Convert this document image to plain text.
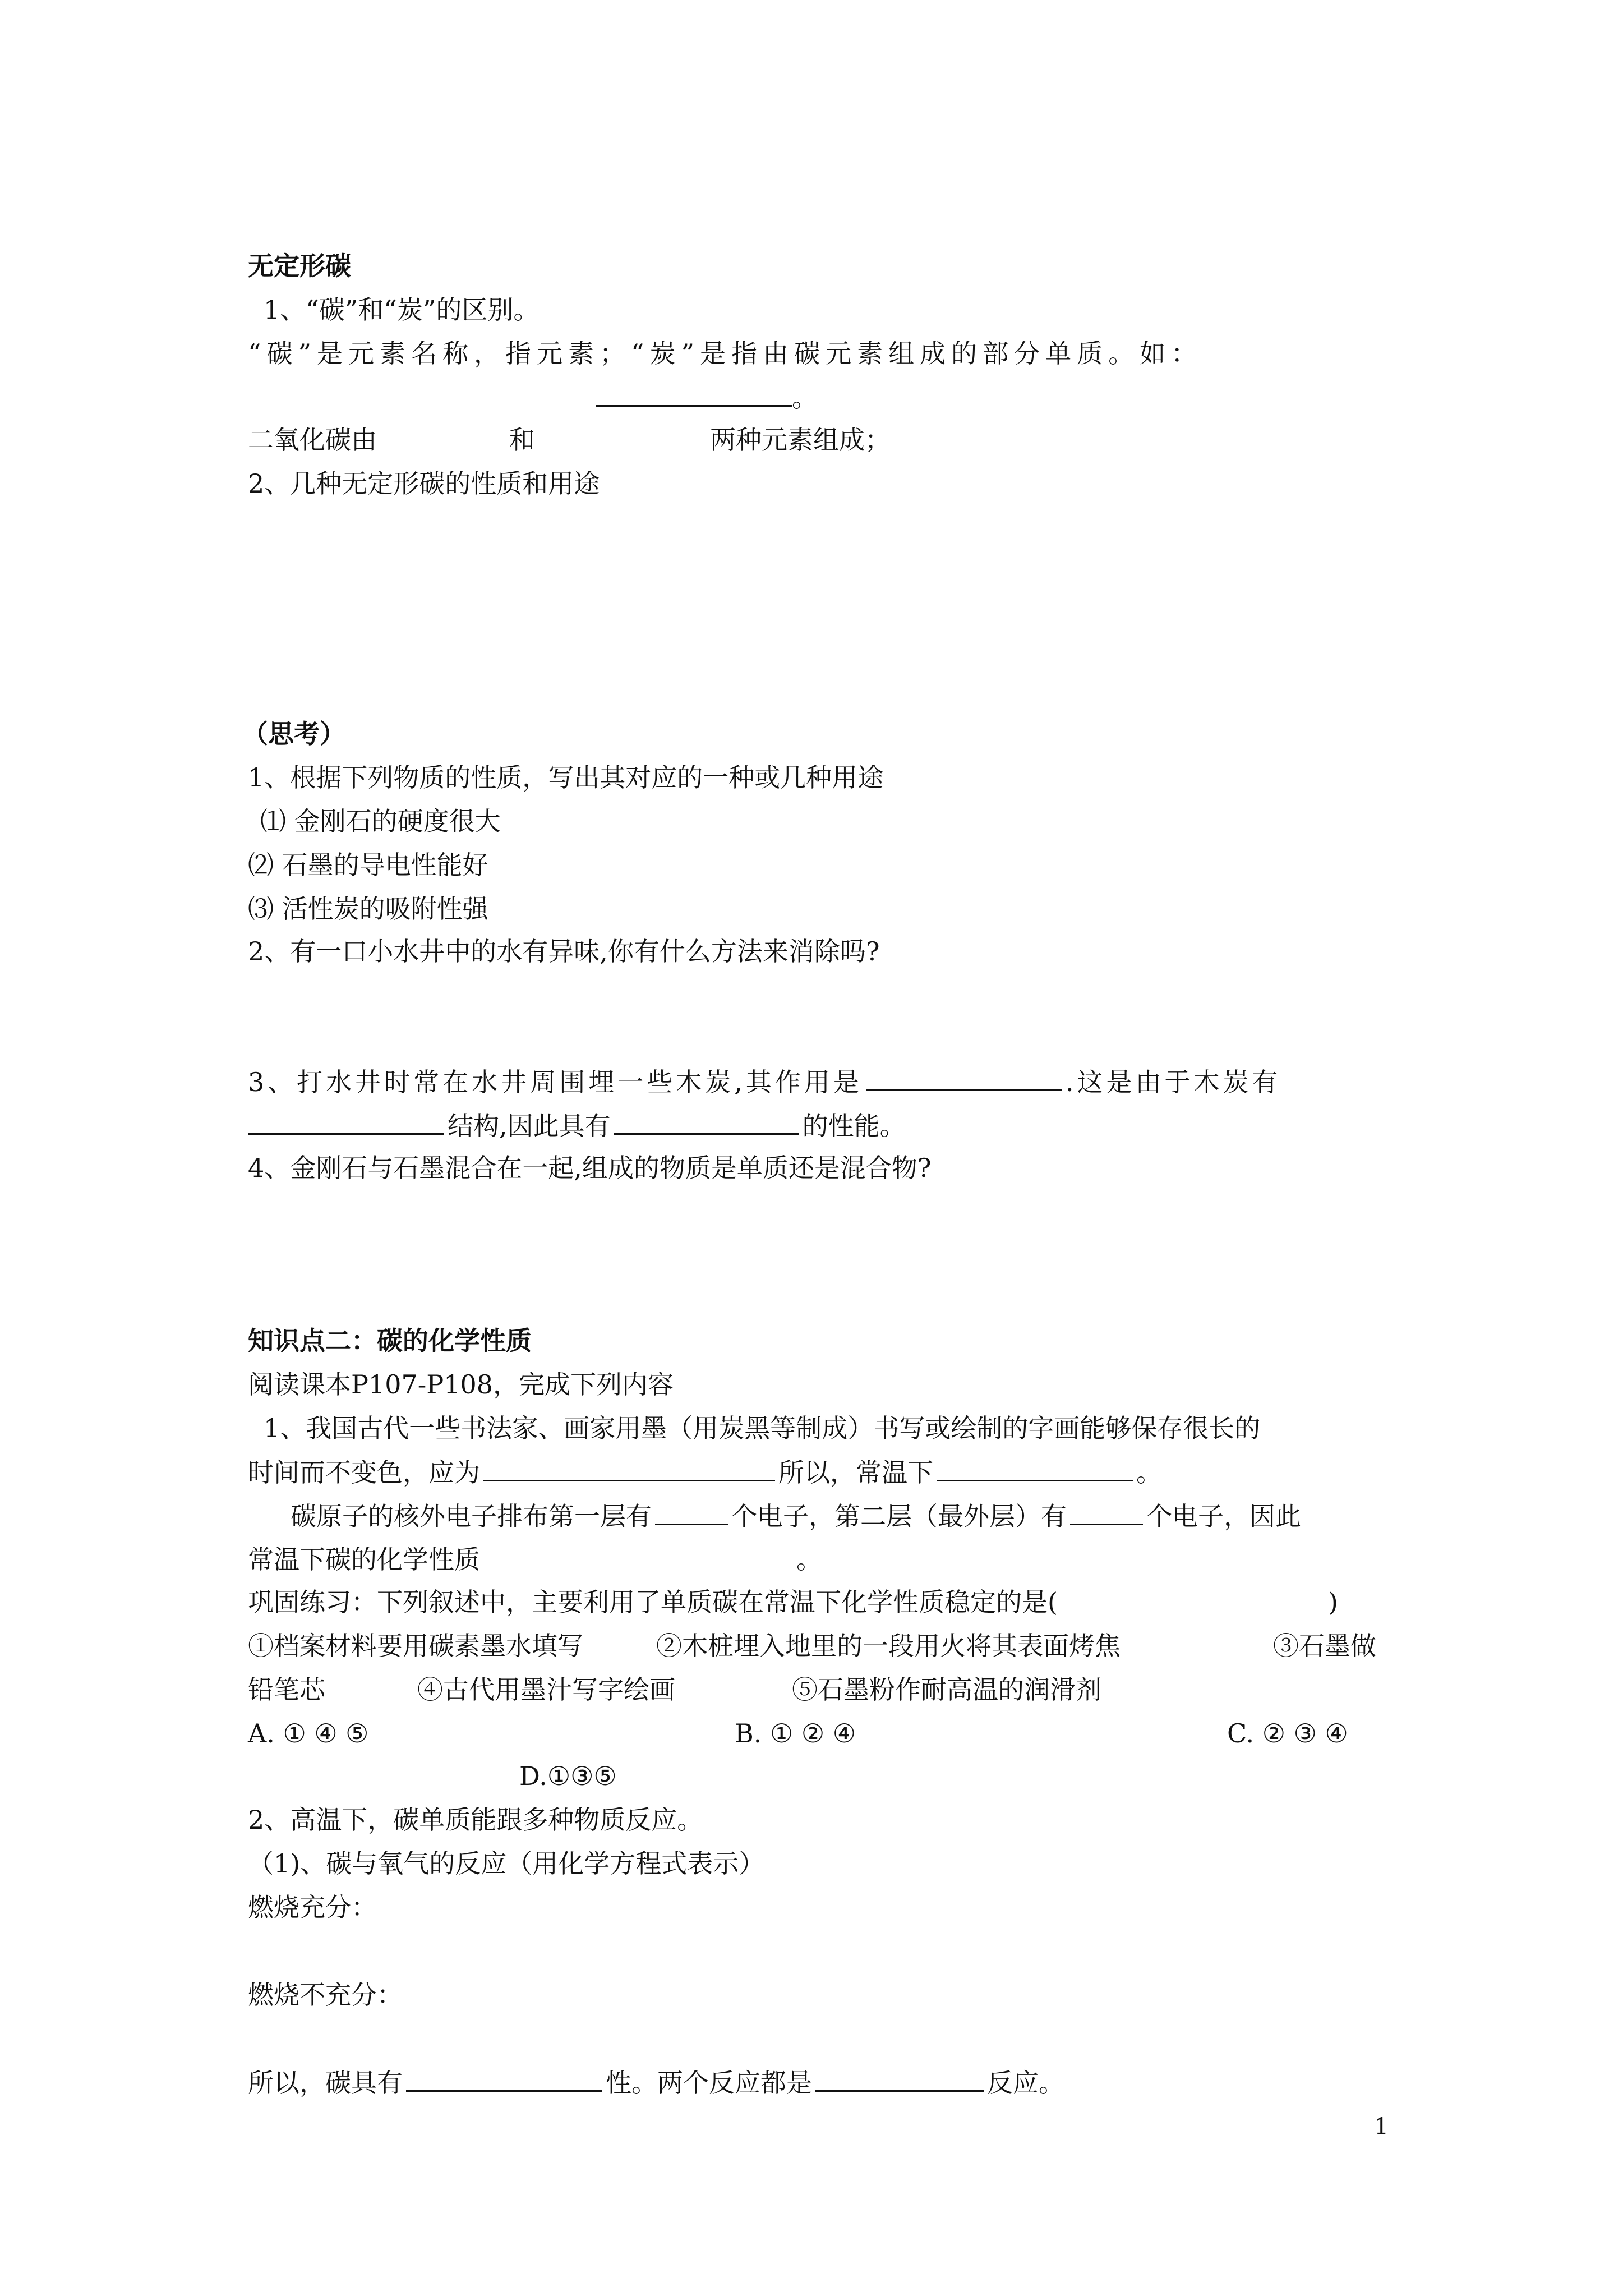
无定形碳
1、“碳”和“炭”的区别。
“碳”是元素名称，指元素；“炭”是指由碳元素组成的部分单质。如：
。
二氧化碳由	和	两种元素组成；
2、几种无定形碳的性质和用途
（思考）
1、根据下列物质的性质，写出其对应的一种或几种用途
⑴ 金刚石的硬度很大
⑵ 石墨的导电性能好
⑶ 活性炭的吸附性强
2、有一口小水井中的水有异味,你有什么方法来消除吗?
3、打水井时常在水井周围埋一些木炭,其作用是	.这是由于木炭有
结构,因此具有	的性能。
4、金刚石与石墨混合在一起,组成的物质是单质还是混合物?
知识点二：碳的化学性质
阅读课本P107-P108，完成下列内容
1、我国古代一些书法家、画家用墨（用炭黑等制成）书写或绘制的字画能够保存很长的
时间而不变色，应为	所以，常温下	。
碳原子的核外电子排布第一层有	个电子，第二层（最外层）有	个电子，因此
常温下碳的化学性质	。
巩固练习：下列叙述中，主要利用了单质碳在常温下化学性质稳定的是(	)
①档案材料要用碳素墨水填写	②木桩埋入地里的一段用火将其表面烤焦	③石墨做
铅笔芯	④古代用墨汁写字绘画	⑤石墨粉作耐高温的润滑剂
A. ① ④ ⑤	B. ① ② ④	C. ② ③ ④
D.①③⑤
2、高温下，碳单质能跟多种物质反应。
（1)、碳与氧气的反应（用化学方程式表示）
燃烧充分：
燃烧不充分：
所以，碳具有	性。两个反应都是	反应。
1
